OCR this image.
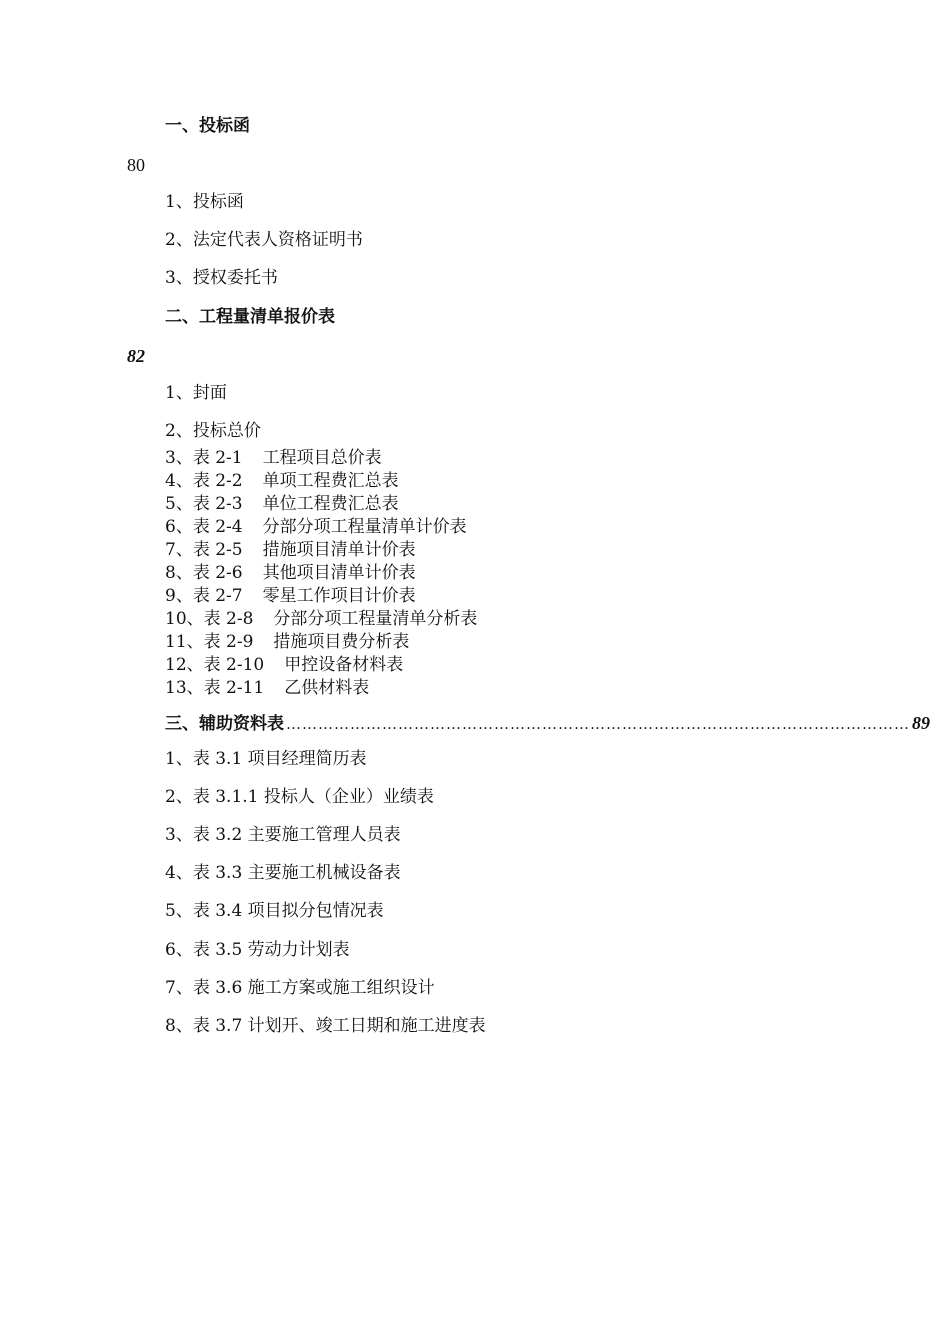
一、投标函
80
1、投标函
2、法定代表人资格证明书
3、授权委托书
二、工程量清单报价表
82
1、封面
2、投标总价
3、表 2-1 工程项目总价表
4、表 2-2 单项工程费汇总表
5、表 2-3 单位工程费汇总表
6、表 2-4 分部分项工程量清单计价表
7、表 2-5 措施项目清单计价表
8、表 2-6 其他项目清单计价表
9、表 2-7 零星工作项目计价表
10、表 2-8 分部分项工程量清单分析表
11、表 2-9 措施项目费分析表
12、表 2-10 甲控设备材料表
13、表 2-11 乙供材料表
三、辅助资料表 ……………………………………………………………………………………………………… 89
1、表 3.1 项目经理简历表
2、表 3.1.1 投标人（企业）业绩表
3、表 3.2 主要施工管理人员表
4、表 3.3 主要施工机械设备表
5、表 3.4 项目拟分包情况表
6、表 3.5 劳动力计划表
7、表 3.6 施工方案或施工组织设计
8、表 3.7 计划开、竣工日期和施工进度表
